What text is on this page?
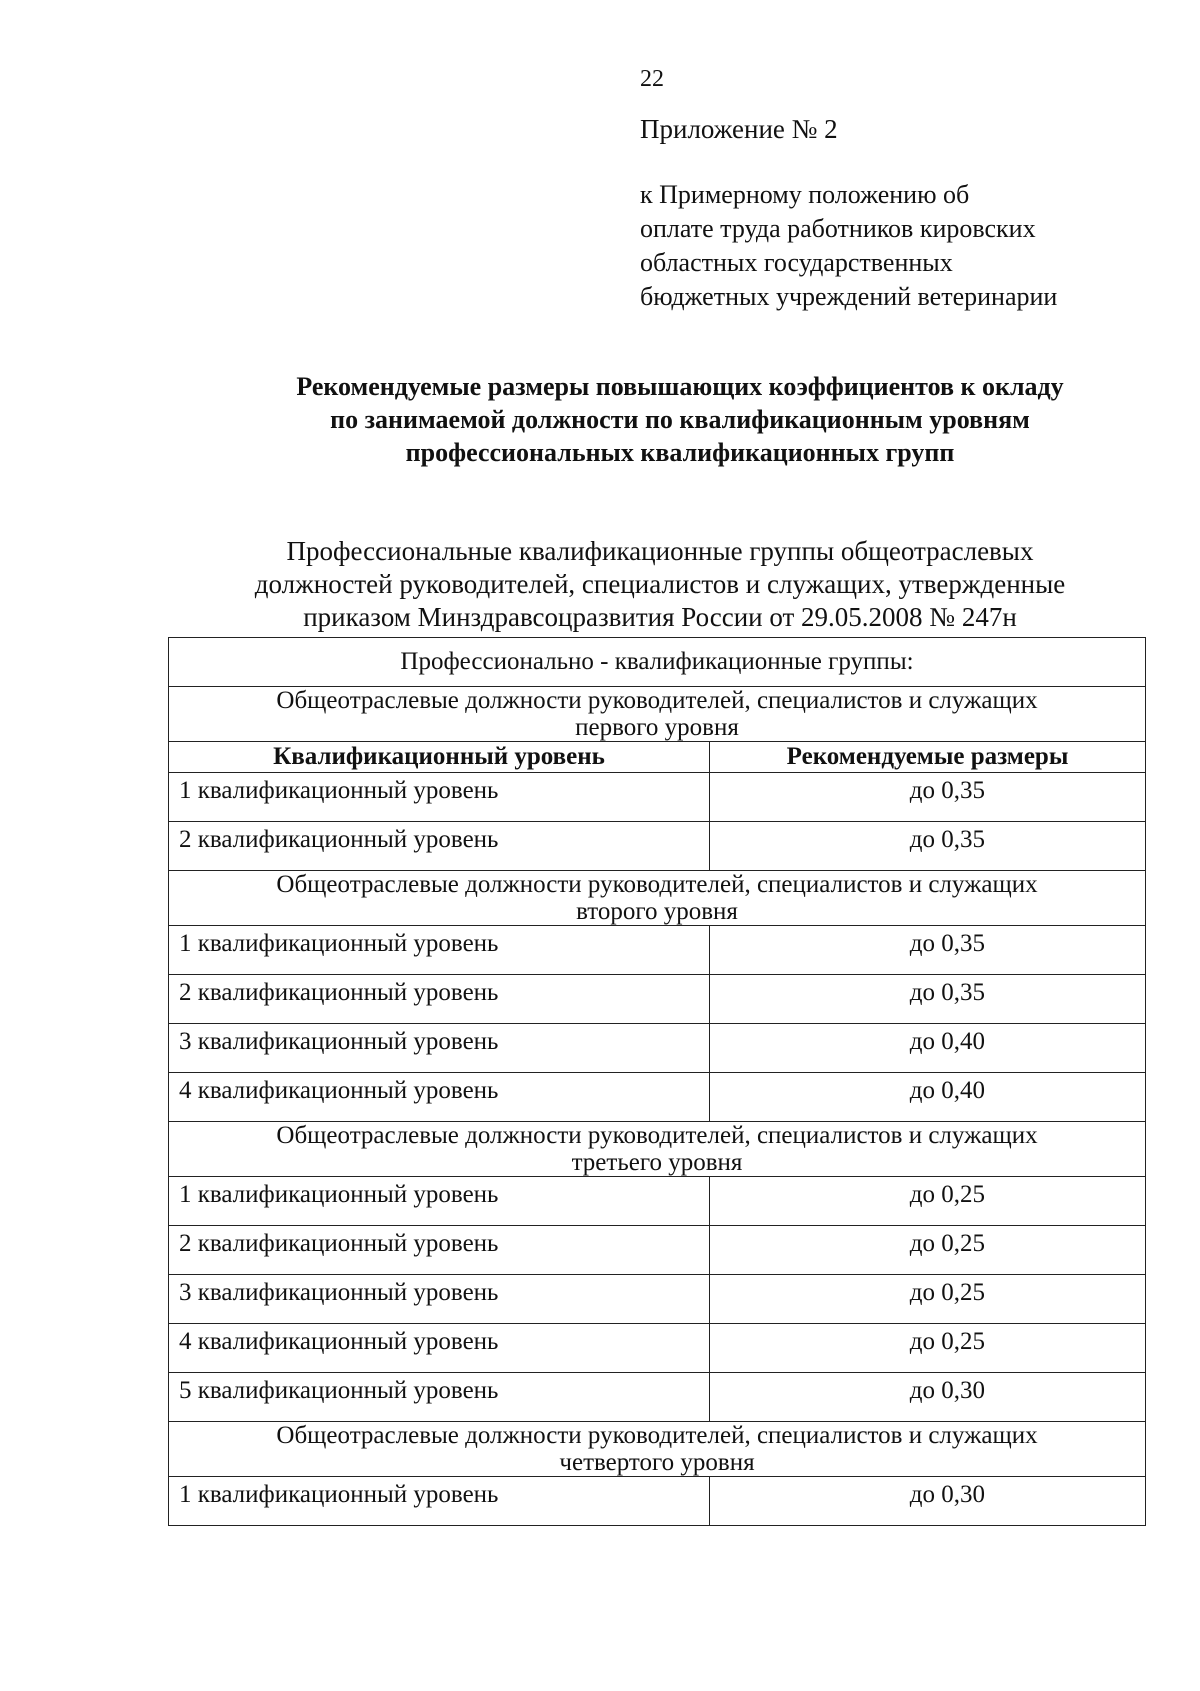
22
Приложение № 2
к Примерному положению об
оплате труда работников кировских
областных государственных
бюджетных учреждений ветеринарии
Рекомендуемые размеры повышающих коэффициентов к окладу
по занимаемой должности по квалификационным уровням
профессиональных квалификационных групп
Профессиональные квалификационные группы общеотраслевых
должностей руководителей, специалистов и служащих, утвержденные
приказом Минздравсоцразвития России от 29.05.2008 № 247н
Профессионально - квалификационные группы:	

Общеотраслевые должности руководителей, специалистов и служащих
первого уровня	

Квалификационный уровень	Рекомендуемые размеры
1 квалификационный уровень	до 0,35
2 квалификационный уровень	до 0,35

Общеотраслевые должности руководителей, специалистов и служащих
второго уровня	

1 квалификационный уровень	до 0,35
2 квалификационный уровень	до 0,35
3 квалификационный уровень	до 0,40
4 квалификационный уровень	до 0,40

Общеотраслевые должности руководителей, специалистов и служащих
третьего уровня	

1 квалификационный уровень	до 0,25
2 квалификационный уровень	до 0,25
3 квалификационный уровень	до 0,25
4 квалификационный уровень	до 0,25
5 квалификационный уровень	до 0,30

Общеотраслевые должности руководителей, специалистов и служащих
четвертого уровня	

1 квалификационный уровень	до 0,30
